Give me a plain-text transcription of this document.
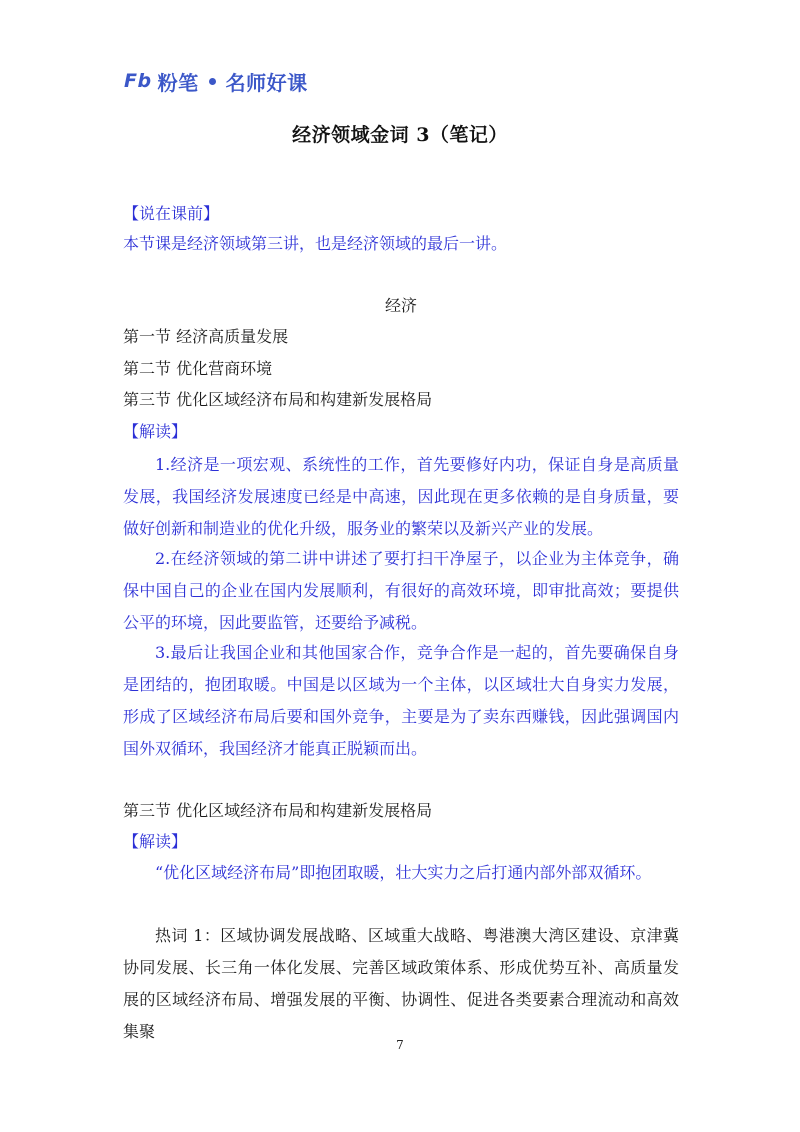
Fb 粉笔 名师好课
经济领域金词 3（笔记）
【说在课前】
本节课是经济领域第三讲，也是经济领域的最后一讲。
经济
第一节 经济高质量发展
第二节 优化营商环境
第三节 优化区域经济布局和构建新发展格局
【解读】
1.经济是一项宏观、系统性的工作，首先要修好内功，保证自身是高质量发展，我国经济发展速度已经是中高速，因此现在更多依赖的是自身质量，要做好创新和制造业的优化升级，服务业的繁荣以及新兴产业的发展。
2.在经济领域的第二讲中讲述了要打扫干净屋子，以企业为主体竞争，确保中国自己的企业在国内发展顺利，有很好的高效环境，即审批高效；要提供公平的环境，因此要监管，还要给予减税。
3.最后让我国企业和其他国家合作，竞争合作是一起的，首先要确保自身是团结的，抱团取暖。中国是以区域为一个主体，以区域壮大自身实力发展，形成了区域经济布局后要和国外竞争，主要是为了卖东西赚钱，因此强调国内国外双循环，我国经济才能真正脱颖而出。
第三节 优化区域经济布局和构建新发展格局
【解读】
“优化区域经济布局”即抱团取暖，壮大实力之后打通内部外部双循环。
热词 1：区域协调发展战略、区域重大战略、粤港澳大湾区建设、京津冀协同发展、长三角一体化发展、完善区域政策体系、形成优势互补、高质量发展的区域经济布局、增强发展的平衡、协调性、促进各类要素合理流动和高效集聚
7
